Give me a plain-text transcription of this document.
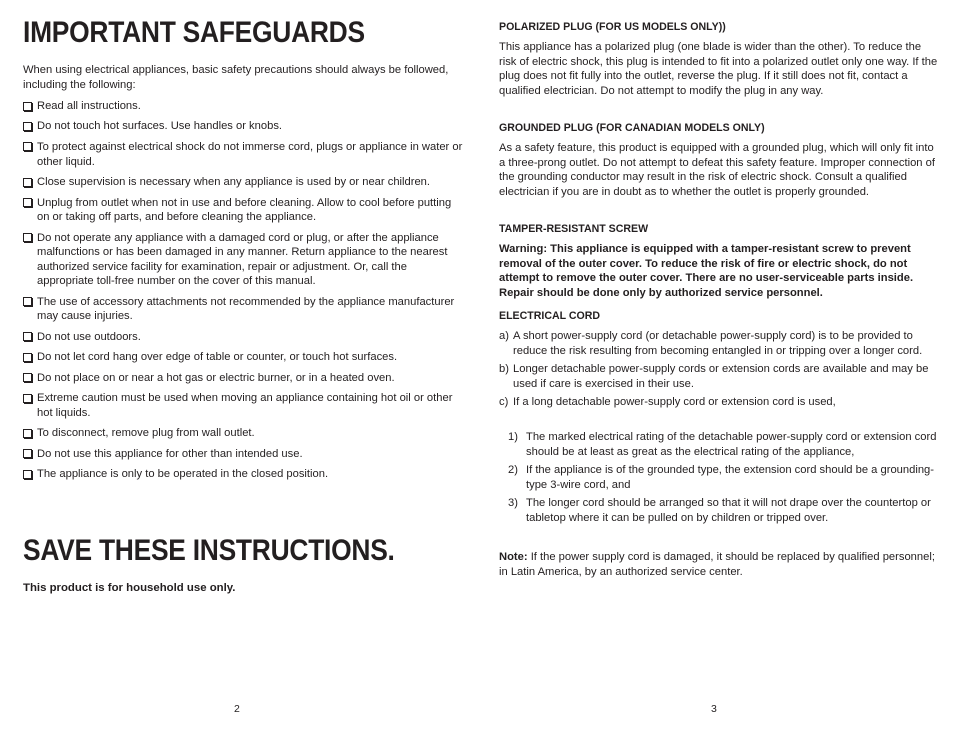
IMPORTANT SAFEGUARDS

When using electrical appliances, basic safety precautions should always be followed, including the following:

Read all instructions.
Do not touch hot surfaces. Use handles or knobs.
To protect against electrical shock do not immerse cord, plugs or appliance in water or other liquid.
Close supervision is necessary when any appliance is used by or near children.
Unplug from outlet when not in use and before cleaning. Allow to cool before putting on or taking off parts, and before cleaning the appliance.
Do not operate any appliance with a damaged cord or plug, or after the appliance malfunctions or has been damaged in any manner. Return appliance to the nearest authorized service facility for examination, repair or adjustment. Or, call the appropriate toll-free number on the cover of this manual.
The use of accessory attachments not recommended by the appliance manufacturer may cause injuries.
Do not use outdoors.
Do not let cord hang over edge of table or counter, or touch hot surfaces.
Do not place on or near a hot gas or electric burner, or in a heated oven.
Extreme caution must be used when moving an appliance containing hot oil or other hot liquids.
To disconnect, remove plug from wall outlet.
Do not use this appliance for other than intended use.
The appliance is only to be operated in the closed position.
SAVE THESE INSTRUCTIONS.

This product is for household use only.

2
POLARIZED PLUG (FOR US MODELS ONLY))

This appliance has a polarized plug (one blade is wider than the other). To reduce the risk of electric shock, this plug is intended to fit into a polarized outlet only one way. If the plug does not fit fully into the outlet, reverse the plug. If it still does not fit, contact a qualified electrician. Do not attempt to modify the plug in any way.

GROUNDED PLUG (FOR CANADIAN MODELS ONLY)

As a safety feature, this product is equipped with a grounded plug, which will only fit into a three-prong outlet. Do not attempt to defeat this safety feature. Improper connection of the grounding conductor may result in the risk of electric shock. Consult a qualified electrician if you are in doubt as to whether the outlet is properly grounded.

TAMPER-RESISTANT SCREW

Warning: This appliance is equipped with a tamper-resistant screw to prevent removal of the outer cover. To reduce the risk of fire or electric shock, do not attempt to remove the outer cover. There are no user-serviceable parts inside. Repair should be done only by authorized service personnel.

ELECTRICAL CORD
a) A short power-supply cord (or detachable power-supply cord) is to be provided to reduce the risk resulting from becoming entangled in or tripping over a longer cord.
b) Longer detachable power-supply cords or extension cords are available and may be used if care is exercised in their use.
c) If a long detachable power-supply cord or extension cord is used,
1) The marked electrical rating of the detachable power-supply cord or extension cord should be at least as great as the electrical rating of the appliance,
2) If the appliance is of the grounded type, the extension cord should be a grounding-type 3-wire cord, and
3) The longer cord should be arranged so that it will not drape over the countertop or tabletop where it can be pulled on by children or tripped over.

Note: If the power supply cord is damaged, it should be replaced by qualified personnel; in Latin America, by an authorized service center.

3
